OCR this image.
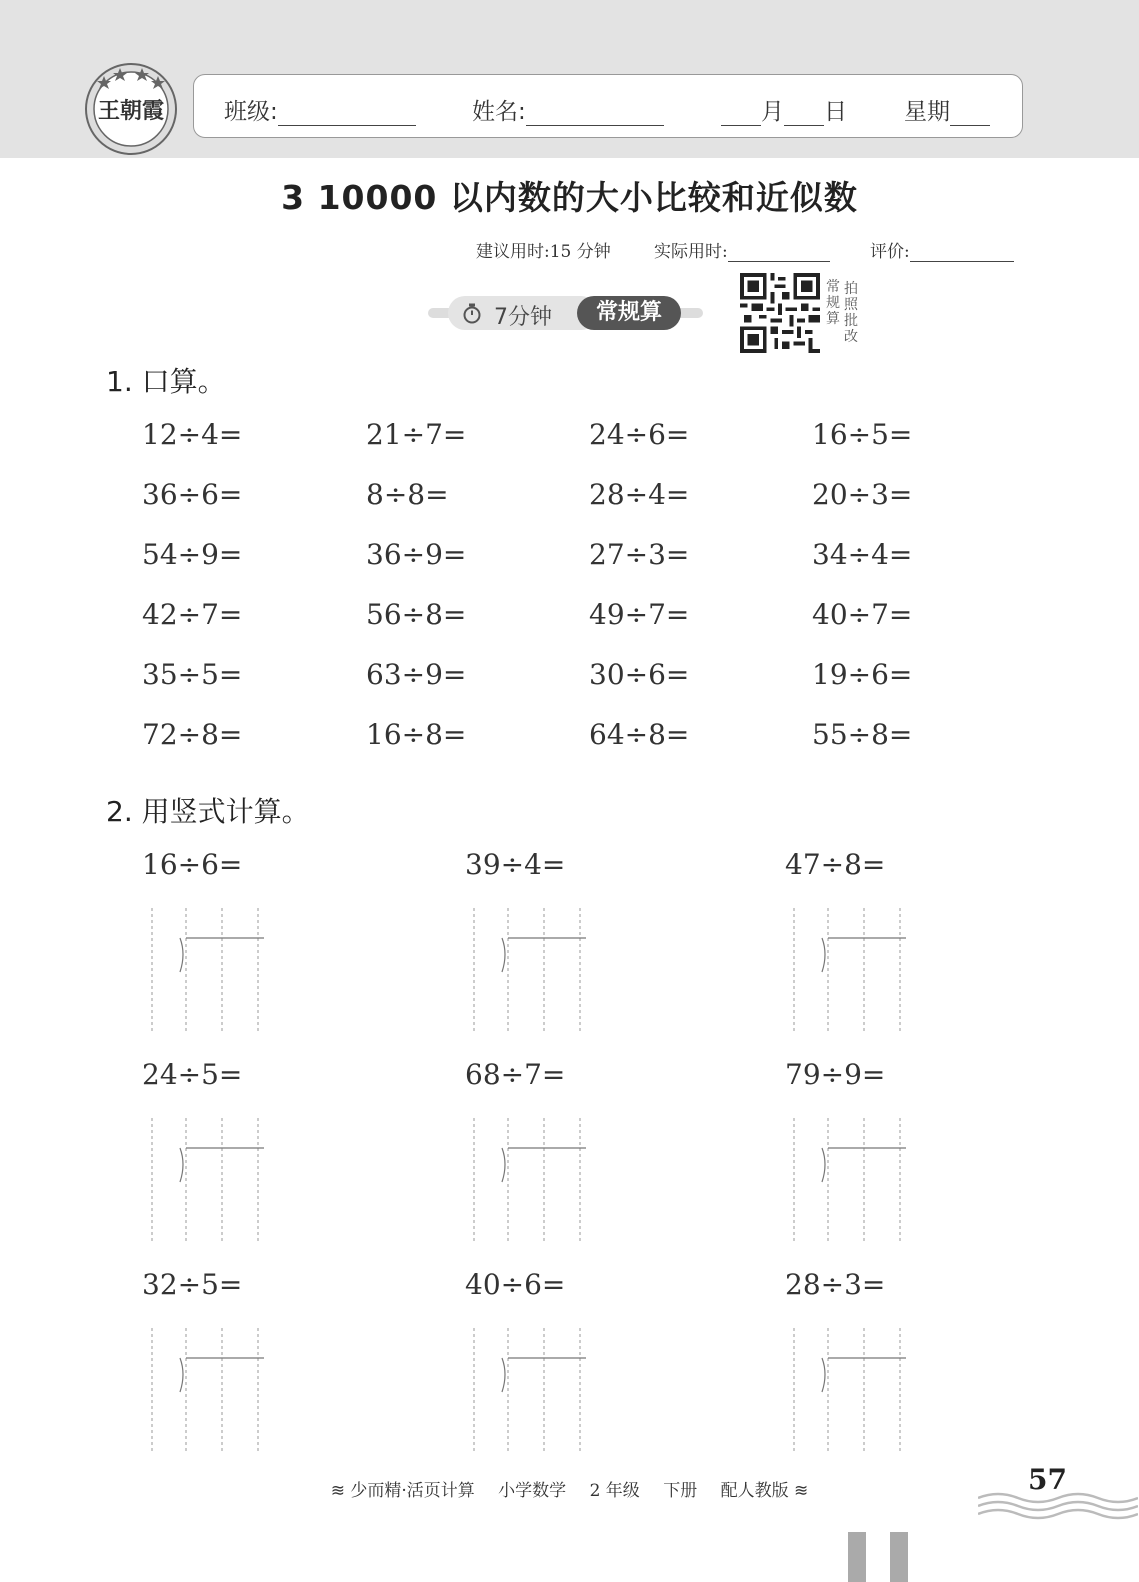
王朝霞	班级:	姓名:	月 日 星期
3 10000 以内数的大小比较和近似数
建议用时:15 分钟	实际用时:	评价:
7分钟	常规算
常规算
拍照批改
1. 口算。
12÷4=	21÷7=	24÷6=	16÷5=
36÷6=	8÷8=	28÷4=	20÷3=
54÷9=	36÷9=	27÷3=	34÷4=
42÷7=	56÷8=	49÷7=	40÷7=
35÷5=	63÷9=	30÷6=	19÷6=
72÷8=	16÷8=	64÷8=	55÷8=
2. 用竖式计算。
16÷6=	39÷4=	47÷8=
24÷5=	68÷7=	79÷9=
32÷5=	40÷6=	28÷3=
≋ 少而精·活页计算 小学数学 2 年级 下册 配人教版 ≋	57
